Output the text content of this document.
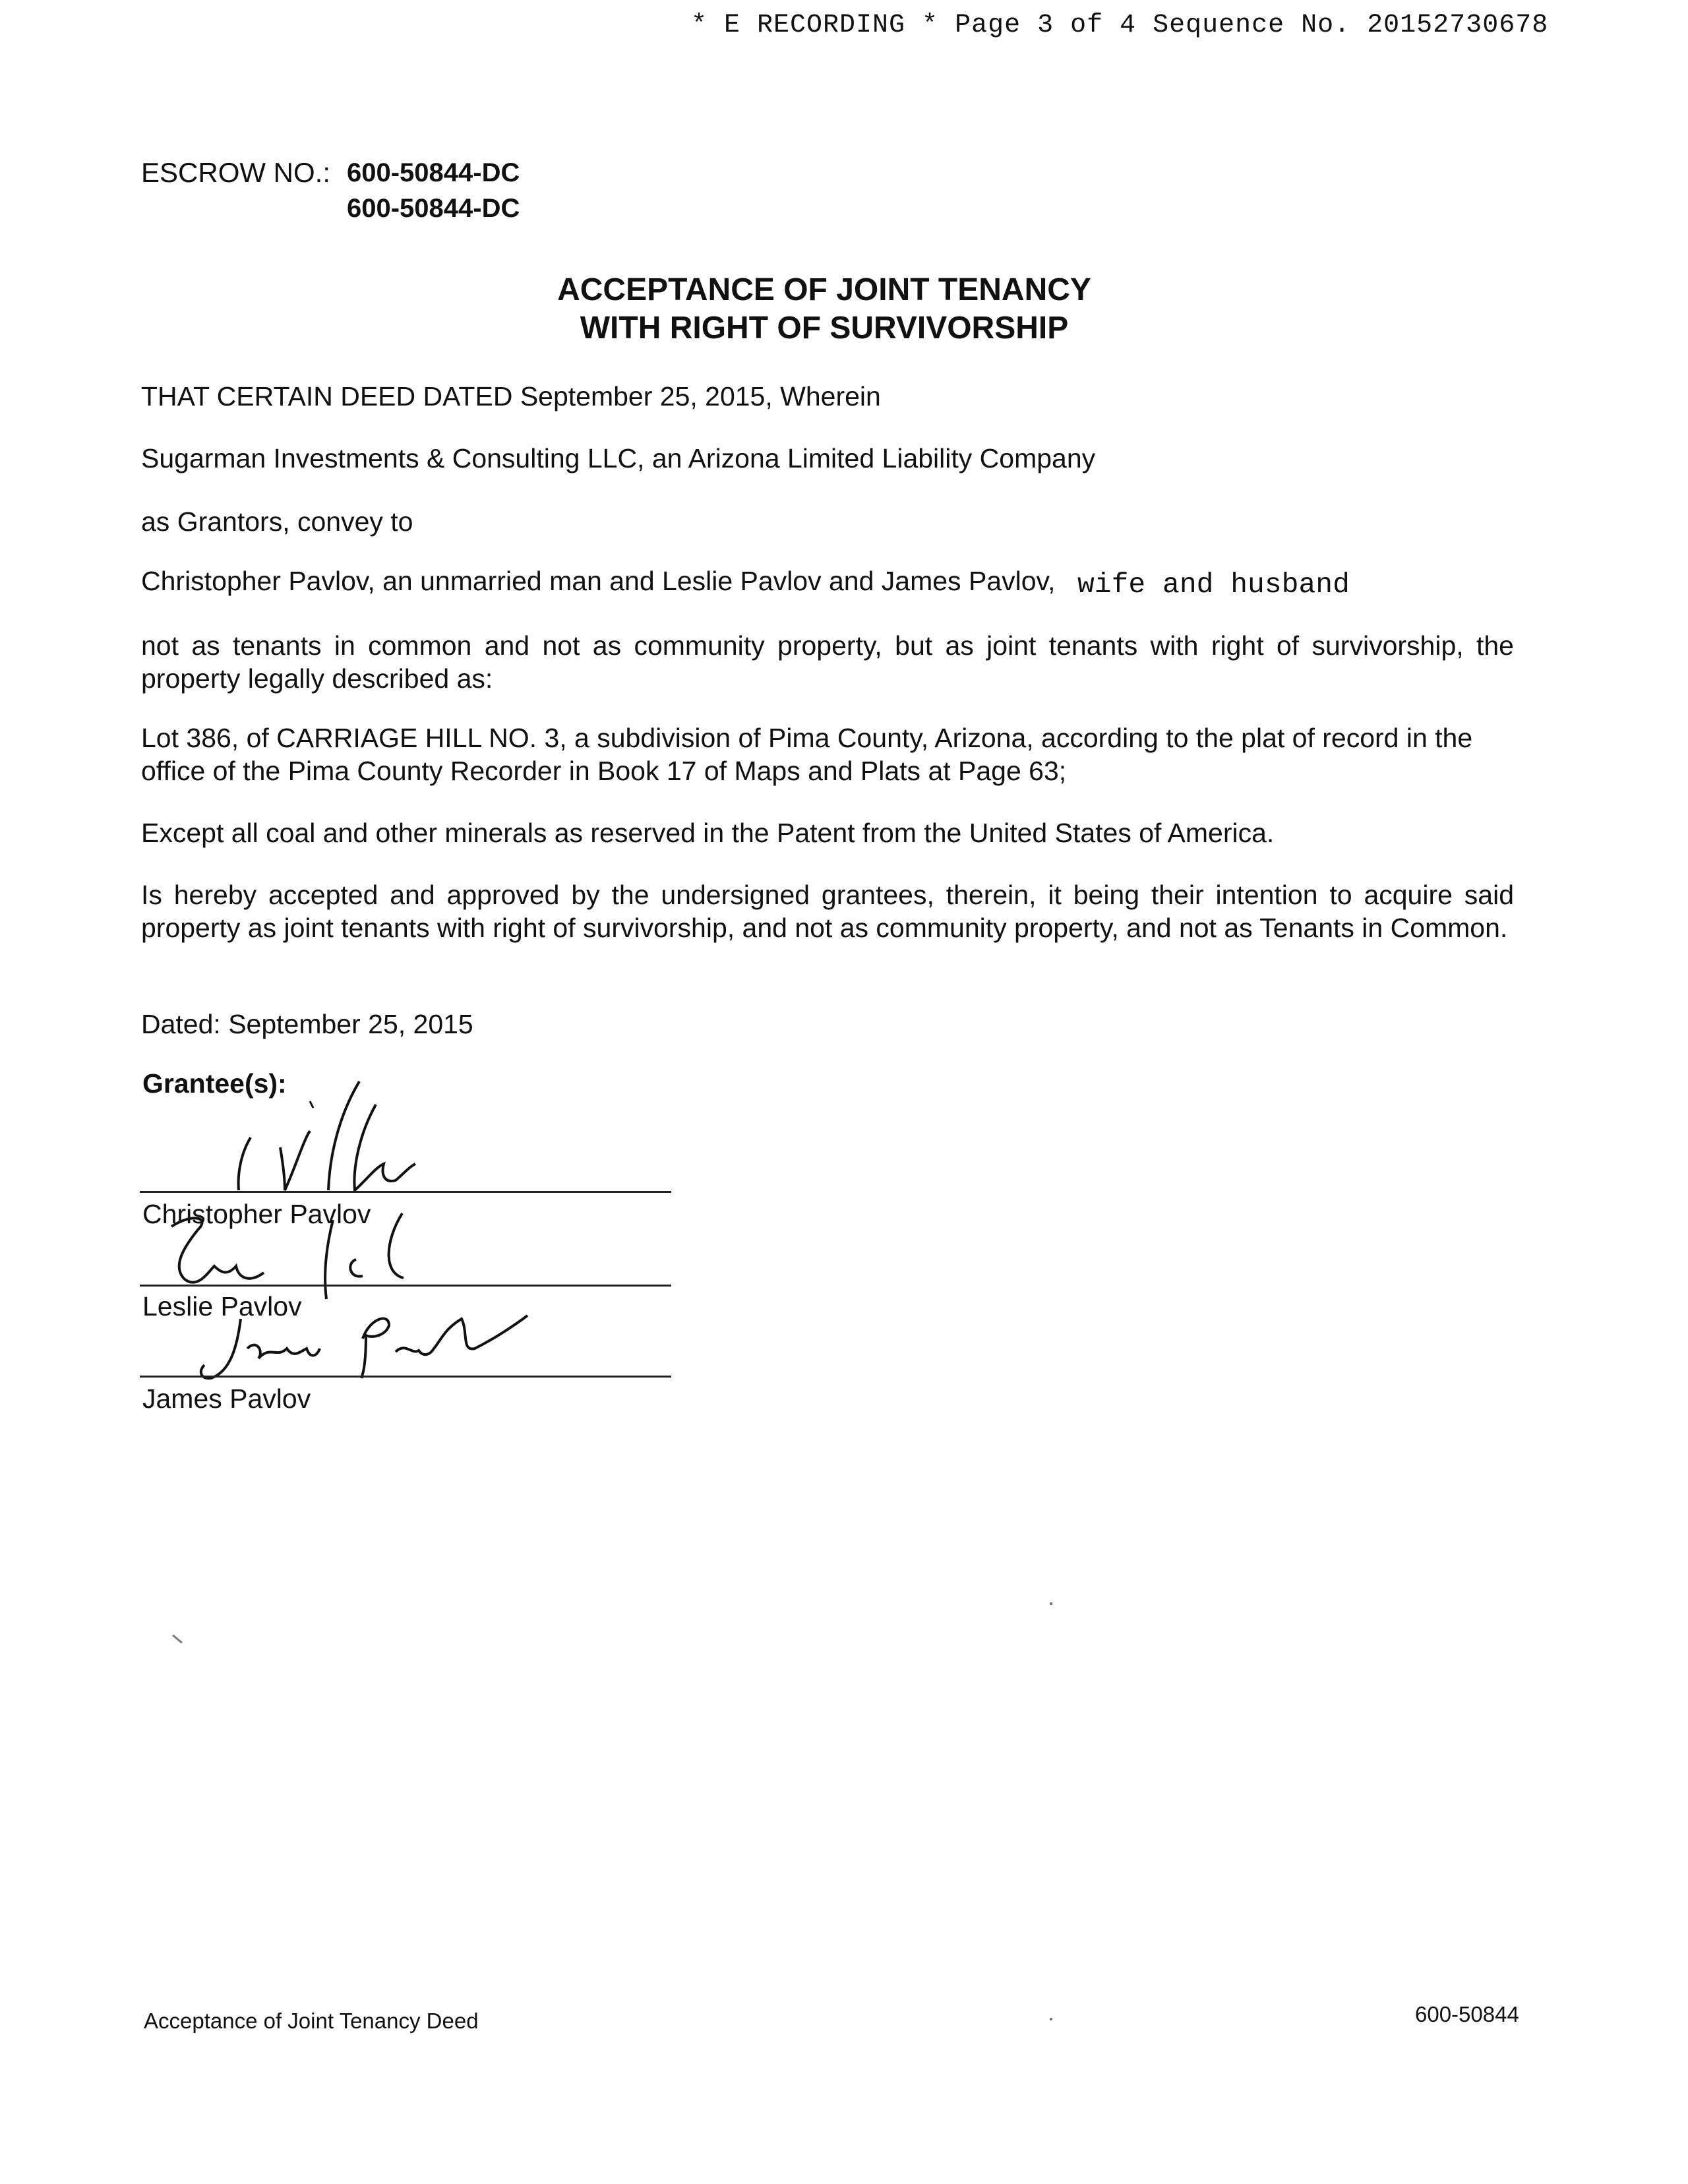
* E RECORDING * Page 3 of 4 Sequence No. 20152730678
ESCROW NO.: 600-50844-DC
600-50844-DC
ACCEPTANCE OF JOINT TENANCY
WITH RIGHT OF SURVIVORSHIP
THAT CERTAIN DEED DATED September 25, 2015, Wherein
Sugarman Investments & Consulting LLC, an Arizona Limited Liability Company
as Grantors, convey to
Christopher Pavlov, an unmarried man and Leslie Pavlov and James Pavlov, wife and husband
not as tenants in common and not as community property, but as joint tenants with right of survivorship, the property legally described as:
Lot 386, of CARRIAGE HILL NO. 3, a subdivision of Pima County, Arizona, according to the plat of record in the office of the Pima County Recorder in Book 17 of Maps and Plats at Page 63;
Except all coal and other minerals as reserved in the Patent from the United States of America.
Is hereby accepted and approved by the undersigned grantees, therein, it being their intention to acquire said property as joint tenants with right of survivorship, and not as community property, and not as Tenants in Common.
Dated: September 25, 2015
Grantee(s):
Christopher Pavlov
Leslie Pavlov
James Pavlov
Acceptance of Joint Tenancy Deed	600-50844
